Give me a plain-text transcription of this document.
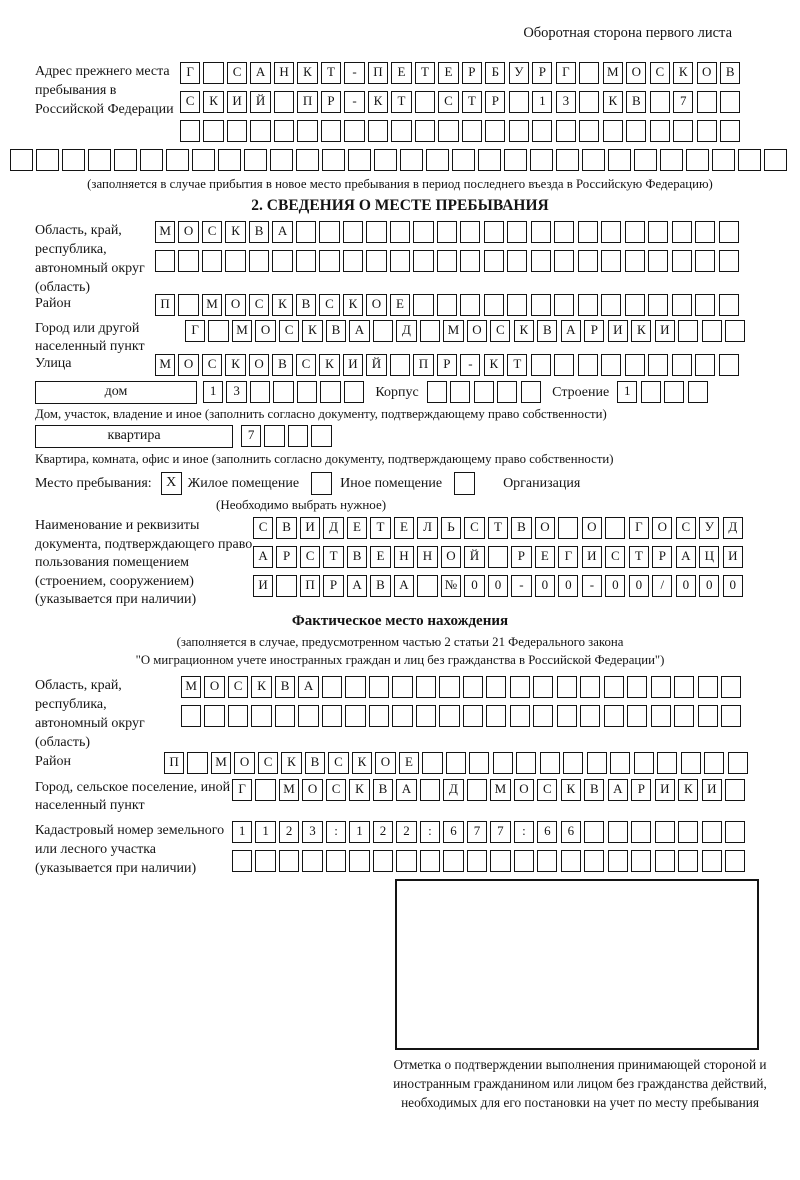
Оборотная сторона первого листа
Адрес прежнего места пребывания в Российской Федерации
Г	С А Н К Т - П Е Т Е Р Б У Р Г	М О С К О В
С К И Й	П Р - К Т	С Т Р	1 3	К В	7
(заполняется в случае прибытия в новое место пребывания в период последнего въезда в Российскую Федерацию)
2. СВЕДЕНИЯ О МЕСТЕ ПРЕБЫВАНИЯ
Область, край, республика, автономный округ (область)
М О С К В А
Район	П	М О С К В С К О Е
Город или другой населенный пункт
Г	М О С К В А	Д	М О С К В А Р И К И
Улица	М О С К О В С К И Й	П Р - К Т
дом	1 3	Корпус	Строение	1
Дом, участок, владение и иное (заполнить согласно документу, подтверждающему право собственности)
квартира	7
Квартира, комната, офис и иное (заполнить согласно документу, подтверждающему право собственности)
Место пребывания:	X Жилое помещение	Иное помещение	Организация
(Необходимо выбрать нужное)
Наименование и реквизиты документа, подтверждающего право пользования помещением (строением, сооружением) (указывается при наличии)
С В И Д Е Т Е Л Ь С Т В О	О	Г О С У Д
А Р С Т В Е Н Н О Й	Р Е Г И С Т Р А Ц И
И	П Р А В А	№ 0 0 - 0 0 - 0 0 / 0 0 0
Фактическое место нахождения
(заполняется в случае, предусмотренном частью 2 статьи 21 Федерального закона
"О миграционном учете иностранных граждан и лиц без гражданства в Российской Федерации")
Область, край, республика, автономный округ (область)
М О С К В А
Район	П	М О С К В С К О Е
Город, сельское поселение, иной населенный пункт
Г	М О С К В А	Д	М О С К В А Р И К И
Кадастровый номер земельного или лесного участка (указывается при наличии)
1 1 2 3 : 1 2 2 : 6 7 7 : 6 6
Отметка о подтверждении выполнения принимающей стороной и иностранным гражданином или лицом без гражданства действий, необходимых для его постановки на учет по месту пребывания
